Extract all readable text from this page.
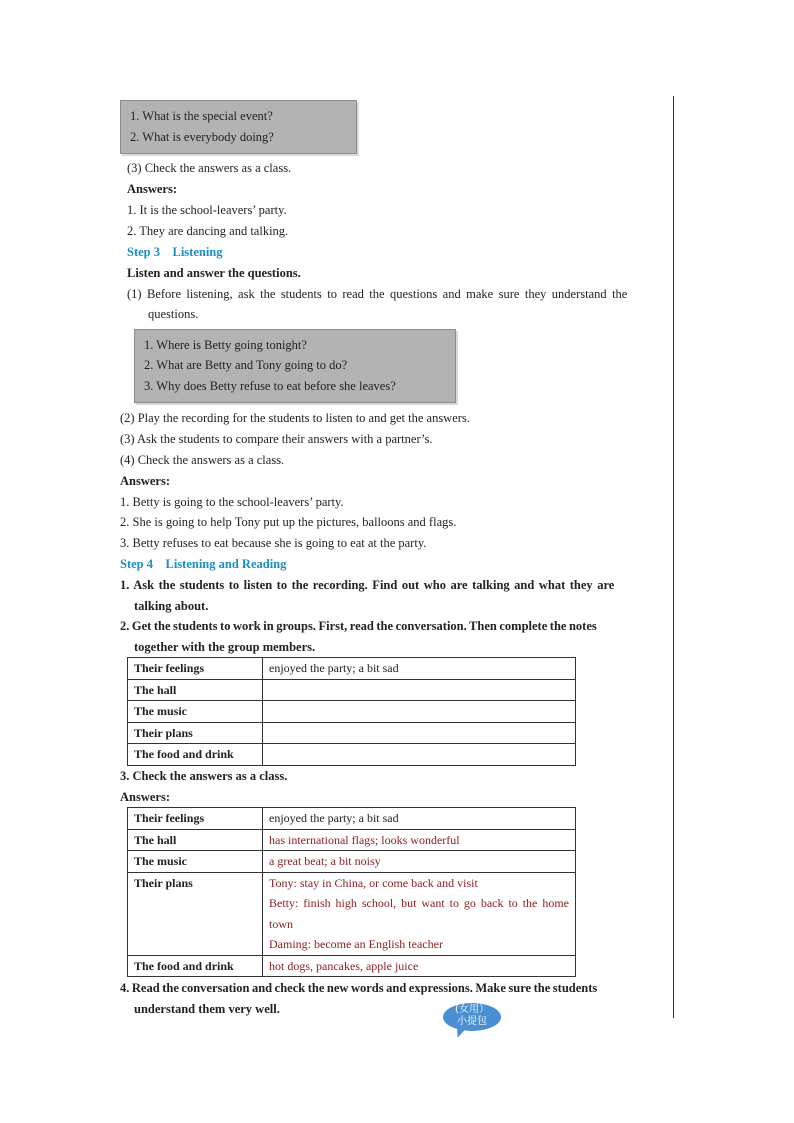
1. What is the special event?
2. What is everybody doing?
(3) Check the answers as a class.
Answers:
1. It is the school-leavers’ party.
2. They are dancing and talking.
Step 3 Listening
Listen and answer the questions.
(1) Before listening, ask the students to read the questions and make sure they understand the
questions.
1. Where is Betty going tonight?
2. What are Betty and Tony going to do?
3. Why does Betty refuse to eat before she leaves?
(2) Play the recording for the students to listen to and get the answers.
(3) Ask the students to compare their answers with a partner’s.
(4) Check the answers as a class.
Answers:
1. Betty is going to the school-leavers’ party.
2. She is going to help Tony put up the pictures, balloons and flags.
3. Betty refuses to eat because she is going to eat at the party.
Step 4 Listening and Reading
1. Ask the students to listen to the recording. Find out who are talking and what they are
talking about.
2. Get the students to work in groups. First, read the conversation. Then complete the notes
together with the group members.
Their feelings	enjoyed the party; a bit sad
The hall	
The music	
Their plans	
The food and drink	
3. Check the answers as a class.
Answers:
Their feelings	enjoyed the party; a bit sad
The hall	has international flags; looks wonderful
The music	a great beat; a bit noisy
Their plans	Tony: stay in China, or come back and visit
Betty: finish high school, but want to go back to the home town
Daming: become an English teacher

The food and drink	hot dogs, pancakes, apple juice
4. Read the conversation and check the new words and expressions. Make sure the students
understand them very well.	(女用）
小提包
